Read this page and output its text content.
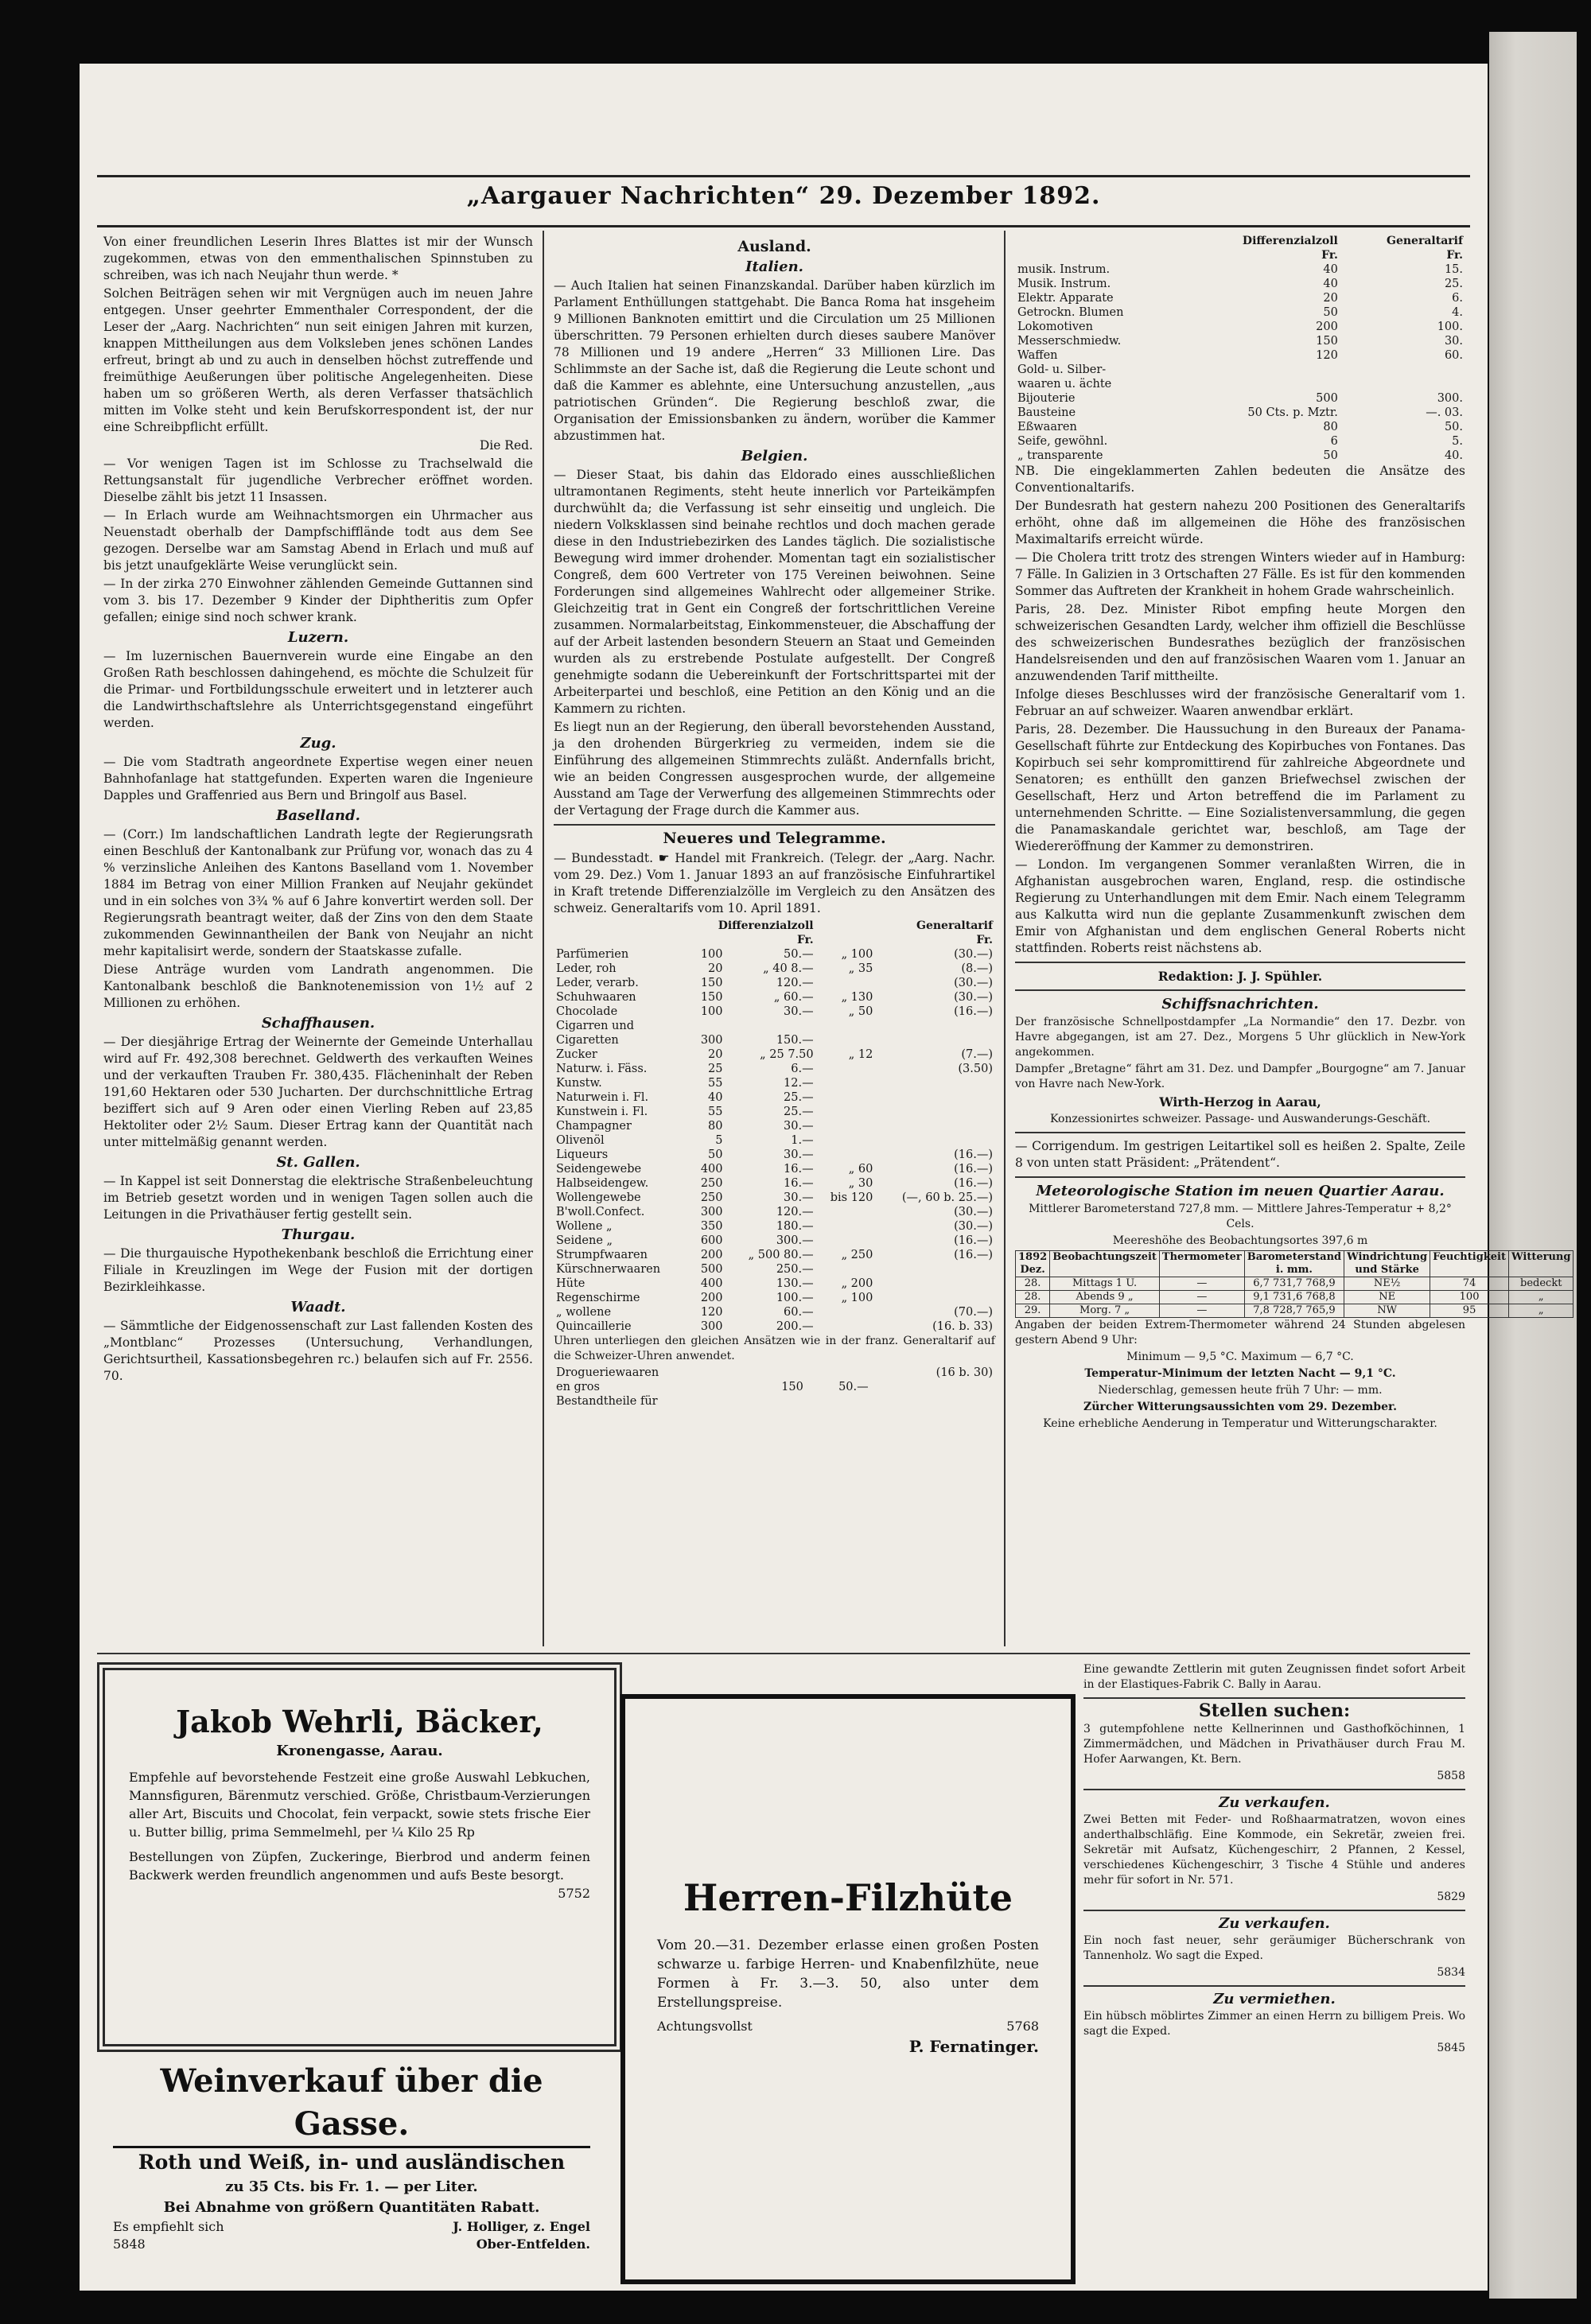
„Aargauer Nachrichten“ 29. Dezember 1892.

Von einer freundlichen Leserin Ihres Blattes ist mir der Wunsch zugekommen, etwas von den emmenthalischen Spinnstuben zu schreiben, was ich nach Neujahr thun werde. *

Solchen Beiträgen sehen wir mit Vergnügen auch im neuen Jahre entgegen. Unser geehrter Emmenthaler Correspondent, der die Leser der „Aarg. Nachrichten“ nun seit einigen Jahren mit kurzen, knappen Mittheilungen aus dem Volksleben jenes schönen Landes erfreut, bringt ab und zu auch in denselben höchst zutreffende und freimüthige Aeußerungen über politische Angelegenheiten. Diese haben um so größeren Werth, als deren Verfasser thatsächlich mitten im Volke steht und kein Berufskorrespondent ist, der nur eine Schreibpflicht erfüllt.

Die Red.

— Vor wenigen Tagen ist im Schlosse zu Trachselwald die Rettungsanstalt für jugendliche Verbrecher eröffnet worden. Dieselbe zählt bis jetzt 11 Insassen.

— In Erlach wurde am Weihnachtsmorgen ein Uhrmacher aus Neuenstadt oberhalb der Dampfschifflände todt aus dem See gezogen. Derselbe war am Samstag Abend in Erlach und muß auf bis jetzt unaufgeklärte Weise verunglückt sein.

— In der zirka 270 Einwohner zählenden Gemeinde Guttannen sind vom 3. bis 17. Dezember 9 Kinder der Diphtheritis zum Opfer gefallen; einige sind noch schwer krank.

Luzern.

— Im luzernischen Bauernverein wurde eine Eingabe an den Großen Rath beschlossen dahingehend, es möchte die Schulzeit für die Primar- und Fortbildungsschule erweitert und in letzterer auch die Landwirthschaftslehre als Unterrichtsgegenstand eingeführt werden.

Zug.

— Die vom Stadtrath angeordnete Expertise wegen einer neuen Bahnhofanlage hat stattgefunden. Experten waren die Ingenieure Dapples und Graffenried aus Bern und Bringolf aus Basel.

Baselland.

— (Corr.) Im landschaftlichen Landrath legte der Regierungsrath einen Beschluß der Kantonalbank zur Prüfung vor, wonach das zu 4 % verzinsliche Anleihen des Kantons Baselland vom 1. November 1884 im Betrag von einer Million Franken auf Neujahr gekündet und in ein solches von 3¾ % auf 6 Jahre konvertirt werden soll. Der Regierungsrath beantragt weiter, daß der Zins von den dem Staate zukommenden Gewinnantheilen der Bank von Neujahr an nicht mehr kapitalisirt werde, sondern der Staatskasse zufalle.

Diese Anträge wurden vom Landrath angenommen. Die Kantonalbank beschloß die Banknotenemission von 1½ auf 2 Millionen zu erhöhen.

Schaffhausen.

— Der diesjährige Ertrag der Weinernte der Gemeinde Unterhallau wird auf Fr. 492,308 berechnet. Geldwerth des verkauften Weines und der verkauften Trauben Fr. 380,435. Flächeninhalt der Reben 191,60 Hektaren oder 530 Jucharten. Der durchschnittliche Ertrag beziffert sich auf 9 Aren oder einen Vierling Reben auf 23,85 Hektoliter oder 2½ Saum. Dieser Ertrag kann der Quantität nach unter mittelmäßig genannt werden.

St. Gallen.

— In Kappel ist seit Donnerstag die elektrische Straßenbeleuchtung im Betrieb gesetzt worden und in wenigen Tagen sollen auch die Leitungen in die Privathäuser fertig gestellt sein.

Thurgau.

— Die thurgauische Hypothekenbank beschloß die Errichtung einer Filiale in Kreuzlingen im Wege der Fusion mit der dortigen Bezirkleihkasse.

Waadt.

— Sämmtliche der Eidgenossenschaft zur Last fallenden Kosten des „Montblanc“ Prozesses (Untersuchung, Verhandlungen, Gerichtsurtheil, Kassationsbegehren rc.) belaufen sich auf Fr. 2556. 70.

Ausland.
Italien.

— Auch Italien hat seinen Finanzskandal. Darüber haben kürzlich im Parlament Enthüllungen stattgehabt. Die Banca Roma hat insgeheim 9 Millionen Banknoten emittirt und die Circulation um 25 Millionen überschritten. 79 Personen erhielten durch dieses saubere Manöver 78 Millionen und 19 andere „Herren“ 33 Millionen Lire. Das Schlimmste an der Sache ist, daß die Regierung die Leute schont und daß die Kammer es ablehnte, eine Untersuchung anzustellen, „aus patriotischen Gründen“. Die Regierung beschloß zwar, die Organisation der Emissionsbanken zu ändern, worüber die Kammer abzustimmen hat.

Belgien.

— Dieser Staat, bis dahin das Eldorado eines ausschließlichen ultramontanen Regiments, steht heute innerlich vor Parteikämpfen durchwühlt da; die Verfassung ist sehr einseitig und ungleich. Die niedern Volksklassen sind beinahe rechtlos und doch machen gerade diese in den Industriebezirken des Landes täglich. Die sozialistische Bewegung wird immer drohender. Momentan tagt ein sozialistischer Congreß, dem 600 Vertreter von 175 Vereinen beiwohnen. Seine Forderungen sind allgemeines Wahlrecht oder allgemeiner Strike. Gleichzeitig trat in Gent ein Congreß der fortschrittlichen Vereine zusammen. Normalarbeitstag, Einkommensteuer, die Abschaffung der auf der Arbeit lastenden besondern Steuern an Staat und Gemeinden wurden als zu erstrebende Postulate aufgestellt. Der Congreß genehmigte sodann die Uebereinkunft der Fortschrittspartei mit der Arbeiterpartei und beschloß, eine Petition an den König und an die Kammern zu richten.

Es liegt nun an der Regierung, den überall bevorstehenden Ausstand, ja den drohenden Bürgerkrieg zu vermeiden, indem sie die Einführung des allgemeinen Stimmrechts zuläßt. Andernfalls bricht, wie an beiden Congressen ausgesprochen wurde, der allgemeine Ausstand am Tage der Verwerfung des allgemeinen Stimmrechts oder der Vertagung der Frage durch die Kammer aus.

Neueres und Telegramme.

— Bundesstadt. ☛ Handel mit Frankreich. (Telegr. der „Aarg. Nachr. vom 29. Dez.) Vom 1. Januar 1893 an auf französische Einfuhrartikel in Kraft tretende Differenzialzölle im Vergleich zu den Ansätzen des schweiz. Generaltarifs vom 10. April 1891.

	Differenzialzoll		Generaltarif	
	Fr.		Fr.	
Parfümerien	100	50.—	„ 100	(30.—)
Leder, roh	20	„ 40 8.—	„ 35	(8.—)
Leder, verarb.	150	120.—		(30.—)
Schuhwaaren	150	„ 60.—	„ 130	(30.—)
Chocolade	100	30.—	„ 50	(16.—)
Cigarren und				
Cigaretten	300	150.—		
Zucker	20	„ 25 7.50	„ 12	(7.—)
Naturw. i. Fäss.	25	6.—		(3.50)
Kunstw.	55	12.—		
Naturwein i. Fl.	40	25.—		
Kunstwein i. Fl.	55	25.—		
Champagner	80	30.—		
Olivenöl	5	1.—		
Liqueurs	50	30.—		(16.—)
Seidengewebe	400	16.—	„ 60	(16.—)
Halbseidengew.	250	16.—	„ 30	(16.—)
Wollengewebe	250	30.—	bis 120	(—, 60 b. 25.—)
B'woll.Confect.	300	120.—		(30.—)
Wollene „	350	180.—		(30.—)
Seidene „	600	300.—		(16.—)
Strumpfwaaren	200	„ 500 80.—	„ 250	(16.—)
Kürschnerwaaren	500	250.—		
Hüte	400	130.—	„ 200	
Regenschirme	200	100.—	„ 100	
„ wollene	120	60.—		(70.—)
Quincaillerie	300	200.—		(16. b. 33)

Uhren unterliegen den gleichen Ansätzen wie in der franz. Generaltarif auf die Schweizer-Uhren anwendet.

Drogueriewaaren				(16 b. 30)
en gros	150	50.—		
Bestandtheile für				
	Differenzialzoll	Generaltarif
	Fr.	Fr.
musik. Instrum.	40	15.
Musik. Instrum.	40	25.
Elektr. Apparate	20	6.
Getrockn. Blumen	50	4.
Lokomotiven	200	100.
Messerschmiedw.	150	30.
Waffen	120	60.
Gold- u. Silber-		
waaren u. ächte		
Bijouterie	500	300.
Bausteine	50 Cts. p. Mztr.	—. 03.
Eßwaaren	80	50.
Seife, gewöhnl.	6	5.
„ transparente	50	40.

NB. Die eingeklammerten Zahlen bedeuten die Ansätze des Conventionaltarifs.

Der Bundesrath hat gestern nahezu 200 Positionen des Generaltarifs erhöht, ohne daß im allgemeinen die Höhe des französischen Maximaltarifs erreicht würde.

— Die Cholera tritt trotz des strengen Winters wieder auf in Hamburg: 7 Fälle. In Galizien in 3 Ortschaften 27 Fälle. Es ist für den kommenden Sommer das Auftreten der Krankheit in hohem Grade wahrscheinlich.

Paris, 28. Dez. Minister Ribot empfing heute Morgen den schweizerischen Gesandten Lardy, welcher ihm offiziell die Beschlüsse des schweizerischen Bundesrathes bezüglich der französischen Handelsreisenden und den auf französischen Waaren vom 1. Januar an anzuwendenden Tarif mittheilte.

Infolge dieses Beschlusses wird der französische Generaltarif vom 1. Februar an auf schweizer. Waaren anwendbar erklärt.

Paris, 28. Dezember. Die Haussuchung in den Bureaux der Panama-Gesellschaft führte zur Entdeckung des Kopirbuches von Fontanes. Das Kopirbuch sei sehr kompromittirend für zahlreiche Abgeordnete und Senatoren; es enthüllt den ganzen Briefwechsel zwischen der Gesellschaft, Herz und Arton betreffend die im Parlament zu unternehmenden Schritte. — Eine Sozialistenversammlung, die gegen die Panamaskandale gerichtet war, beschloß, am Tage der Wiedereröffnung der Kammer zu demonstriren.

— London. Im vergangenen Sommer veranlaßten Wirren, die in Afghanistan ausgebrochen waren, England, resp. die ostindische Regierung zu Unterhandlungen mit dem Emir. Nach einem Telegramm aus Kalkutta wird nun die geplante Zusammenkunft zwischen dem Emir von Afghanistan und dem englischen General Roberts nicht stattfinden. Roberts reist nächstens ab.

Redaktion: J. J. Spühler.

Schiffsnachrichten.

Der französische Schnellpostdampfer „La Normandie“ den 17. Dezbr. von Havre abgegangen, ist am 27. Dez., Morgens 5 Uhr glücklich in New-York angekommen.

Dampfer „Bretagne“ fährt am 31. Dez. und Dampfer „Bourgogne“ am 7. Januar von Havre nach New-York.

Wirth-Herzog in Aarau,

Konzessionirtes schweizer. Passage- und Auswanderungs-Geschäft.

— Corrigendum. Im gestrigen Leitartikel soll es heißen 2. Spalte, Zeile 8 von unten statt Präsident: „Prätendent“.

Meteorologische Station im neuen Quartier Aarau.

Mittlerer Barometerstand 727,8 mm. — Mittlere Jahres-Temperatur + 8,2° Cels.

Meereshöhe des Beobachtungsortes 397,6 m

1892 Dez.	Beobachtungszeit	Thermometer	Barometerstand i. mm.	Windrichtung und Stärke	Feuchtigkeit	Witterung
28.	Mittags 1 U.	—	6,7 731,7 768,9	NE½	74	bedeckt
28.	Abends 9 „	—	9,1 731,6 768,8	NE	100	„
29.	Morg. 7 „	—	7,8 728,7 765,9	NW	95	„

Angaben der beiden Extrem-Thermometer während 24 Stunden abgelesen gestern Abend 9 Uhr:

Minimum — 9,5 °C. Maximum — 6,7 °C.

Temperatur-Minimum der letzten Nacht — 9,1 °C.

Niederschlag, gemessen heute früh 7 Uhr: — mm.

Zürcher Witterungsaussichten vom 29. Dezember.

Keine erhebliche Aenderung in Temperatur und Witterungscharakter.

Jakob Wehrli, Bäcker,
Kronengasse, Aarau.

Empfehle auf bevorstehende Festzeit eine große Auswahl Lebkuchen, Mannsfiguren, Bärenmutz verschied. Größe, Christbaum-Verzierungen aller Art, Biscuits und Chocolat, fein verpackt, sowie stets frische Eier u. Butter billig, prima Semmelmehl, per ¼ Kilo 25 Rp

Bestellungen von Züpfen, Zuckeringe, Bierbrod und anderm feinen Backwerk werden freundlich angenommen und aufs Beste besorgt.

5752
Weinverkauf über die Gasse.
Roth und Weiß, in- und ausländischen
zu 35 Cts. bis Fr. 1. — per Liter.
Bei Abnahme von größern Quantitäten Rabatt.
Es empfiehlt sich	J. Holliger, z. Engel
5848	Ober-Entfelden.
Herren-Filzhüte

Vom 20.—31. Dezember erlasse einen großen Posten schwarze u. farbige Herren- und Knabenfilzhüte, neue Formen à Fr. 3.—3. 50, also unter dem Erstellungspreise.

Achtungsvollst	5768
P. Fernatinger.

Eine gewandte Zettlerin mit guten Zeugnissen findet sofort Arbeit in der Elastiques-Fabrik C. Bally in Aarau.

Stellen suchen:

3 gutempfohlene nette Kellnerinnen und Gasthofköchinnen, 1 Zimmermädchen, und Mädchen in Privathäuser durch Frau M. Hofer Aarwangen, Kt. Bern.

5858

Zu verkaufen.

Zwei Betten mit Feder- und Roßhaarmatratzen, wovon eines anderthalbschläfig. Eine Kommode, ein Sekretär, zweien frei. Sekretär mit Aufsatz, Küchengeschirr, 2 Pfannen, 2 Kessel, verschiedenes Küchengeschirr, 3 Tische 4 Stühle und anderes mehr für sofort in Nr. 571.

5829

Zu verkaufen.

Ein noch fast neuer, sehr geräumiger Bücherschrank von Tannenholz. Wo sagt die Exped.

5834

Zu vermiethen.

Ein hübsch möblirtes Zimmer an einen Herrn zu billigem Preis. Wo sagt die Exped.

5845
